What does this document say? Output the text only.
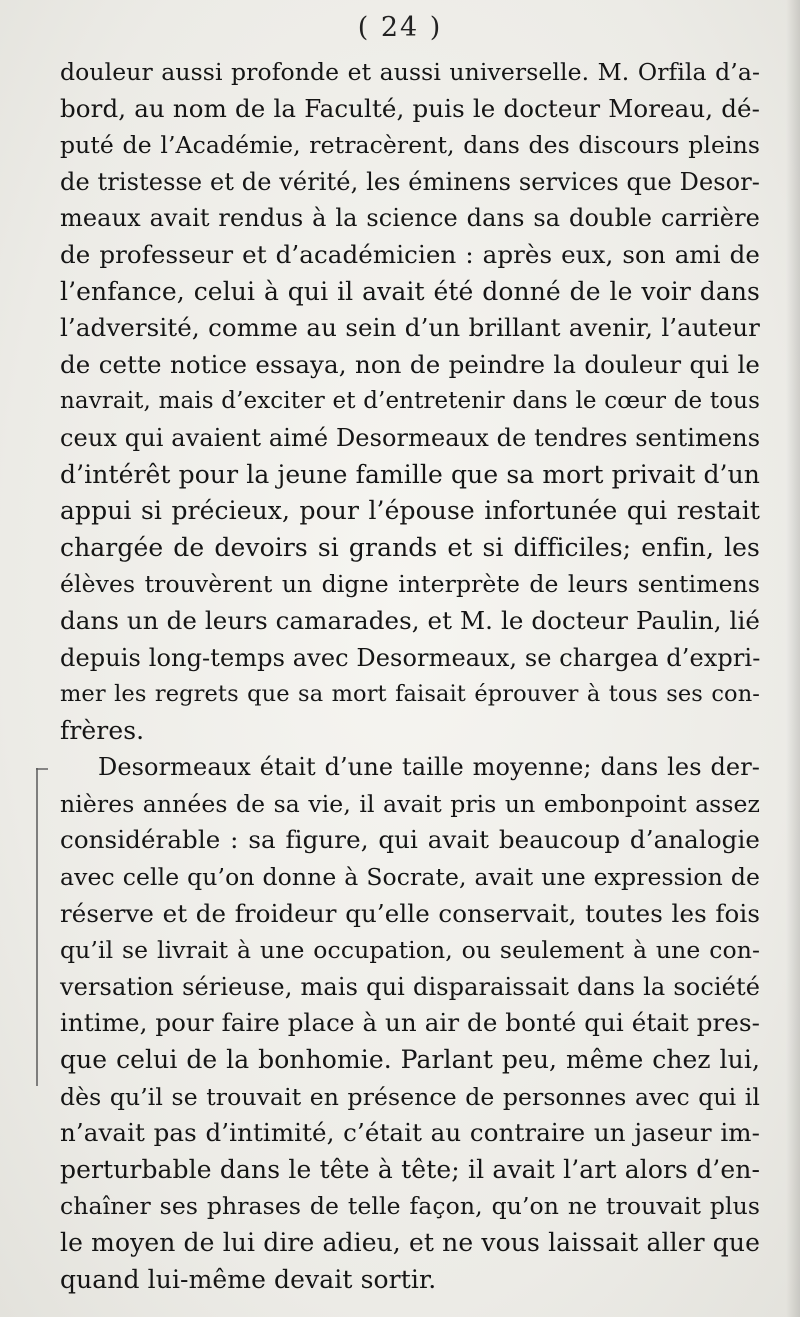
( 24 )
douleur aussi profonde et aussi universelle. M. Orfila d’a-
bord, au nom de la Faculté, puis le docteur Moreau, dé-
puté de l’Académie, retracèrent, dans des discours pleins
de tristesse et de vérité, les éminens services que Desor-
meaux avait rendus à la science dans sa double carrière
de professeur et d’académicien : après eux, son ami de
l’enfance, celui à qui il avait été donné de le voir dans
l’adversité, comme au sein d’un brillant avenir, l’auteur
de cette notice essaya, non de peindre la douleur qui le
navrait, mais d’exciter et d’entretenir dans le cœur de tous
ceux qui avaient aimé Desormeaux de tendres sentimens
d’intérêt pour la jeune famille que sa mort privait d’un
appui si précieux, pour l’épouse infortunée qui restait
chargée de devoirs si grands et si difficiles; enfin, les
élèves trouvèrent un digne interprète de leurs sentimens
dans un de leurs camarades, et M. le docteur Paulin, lié
depuis long-temps avec Desormeaux, se chargea d’expri-
mer les regrets que sa mort faisait éprouver à tous ses con-
frères.
Desormeaux était d’une taille moyenne; dans les der-
nières années de sa vie, il avait pris un embonpoint assez
considérable : sa figure, qui avait beaucoup d’analogie
avec celle qu’on donne à Socrate, avait une expression de
réserve et de froideur qu’elle conservait, toutes les fois
qu’il se livrait à une occupation, ou seulement à une con-
versation sérieuse, mais qui disparaissait dans la société
intime, pour faire place à un air de bonté qui était pres-
que celui de la bonhomie. Parlant peu, même chez lui,
dès qu’il se trouvait en présence de personnes avec qui il
n’avait pas d’intimité, c’était au contraire un jaseur im-
perturbable dans le tête à tête; il avait l’art alors d’en-
chaîner ses phrases de telle façon, qu’on ne trouvait plus
le moyen de lui dire adieu, et ne vous laissait aller que
quand lui-même devait sortir.
